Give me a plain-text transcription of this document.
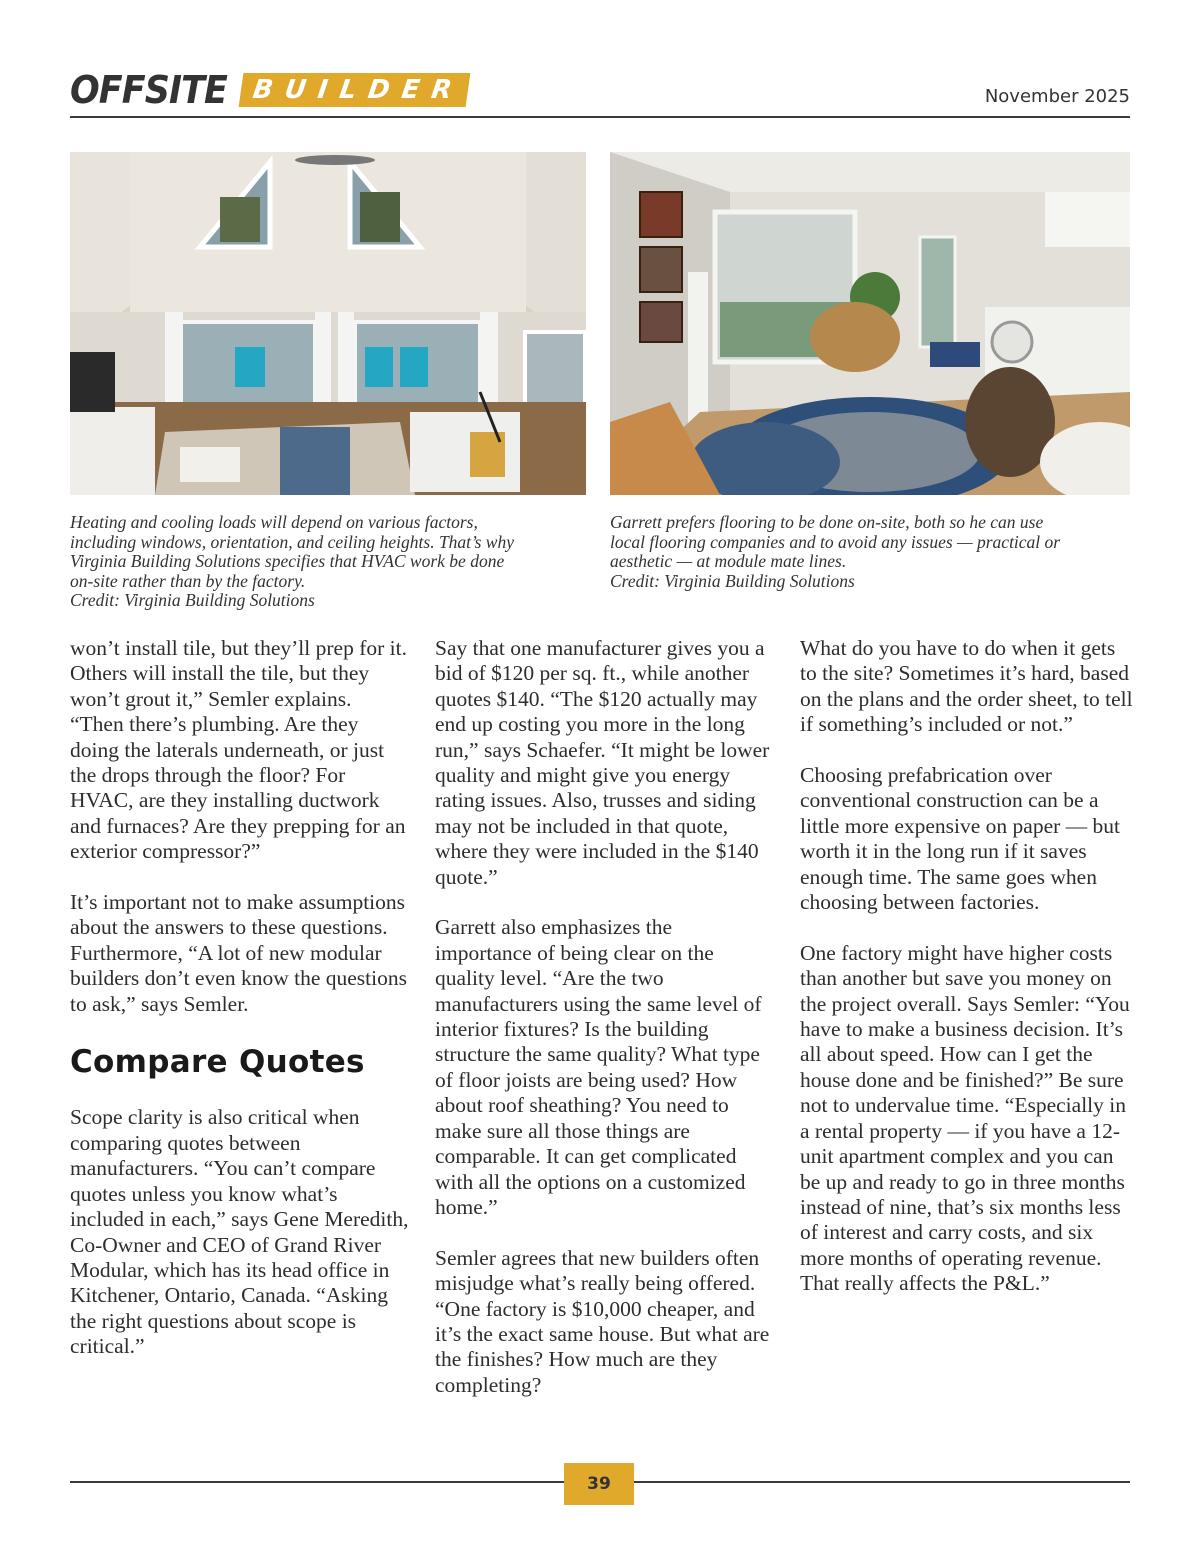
OFFSITE BUILDER	November 2025
Heating and cooling loads will depend on various factors,
including windows, orientation, and ceiling heights. That’s why
Virginia Building Solutions specifies that HVAC work be done
on-site rather than by the factory.
Credit: Virginia Building Solutions
Garrett prefers flooring to be done on-site, both so he can use
local flooring companies and to avoid any issues — practical or
aesthetic — at module mate lines.
Credit: Virginia Building Solutions

won’t install tile, but they’ll prep for it. Others will install the tile, but they won’t grout it,” Semler explains. “Then there’s plumbing. Are they doing the laterals underneath, or just the drops through the floor? For HVAC, are they installing ductwork and furnaces? Are they prepping for an exterior compressor?”

It’s important not to make assumptions about the answers to these questions. Furthermore, “A lot of new modular builders don’t even know the questions to ask,” says Semler.

Compare Quotes

Scope clarity is also critical when comparing quotes between manufacturers. “You can’t compare quotes unless you know what’s included in each,” says Gene Meredith, Co-Owner and CEO of Grand River Modular, which has its head office in Kitchener, Ontario, Canada. “Asking the right questions about scope is critical.”

Say that one manufacturer gives you a bid of $120 per sq. ft., while another quotes $140. “The $120 actually may end up costing you more in the long run,” says Schaefer. “It might be lower quality and might give you energy rating issues. Also, trusses and siding may not be included in that quote, where they were included in the $140 quote.”

Garrett also emphasizes the importance of being clear on the quality level. “Are the two manufacturers using the same level of interior fixtures? Is the building structure the same quality? What type of floor joists are being used? How about roof sheathing? You need to make sure all those things are comparable. It can get complicated with all the options on a customized home.”

Semler agrees that new builders often misjudge what’s really being offered. “One factory is $10,000 cheaper, and it’s the exact same house. But what are the finishes? How much are they completing?

What do you have to do when it gets to the site? Sometimes it’s hard, based on the plans and the order sheet, to tell if something’s included or not.”

Choosing prefabrication over conventional construction can be a little more expensive on paper — but worth it in the long run if it saves enough time. The same goes when choosing between factories.

One factory might have higher costs than another but save you money on the project overall. Says Semler: “You have to make a business decision. It’s all about speed. How can I get the house done and be finished?” Be sure not to undervalue time. “Especially in a rental property — if you have a 12-unit apartment complex and you can be up and ready to go in three months instead of nine, that’s six months less of interest and carry costs, and six more months of operating revenue. That really affects the P&L.”

39
